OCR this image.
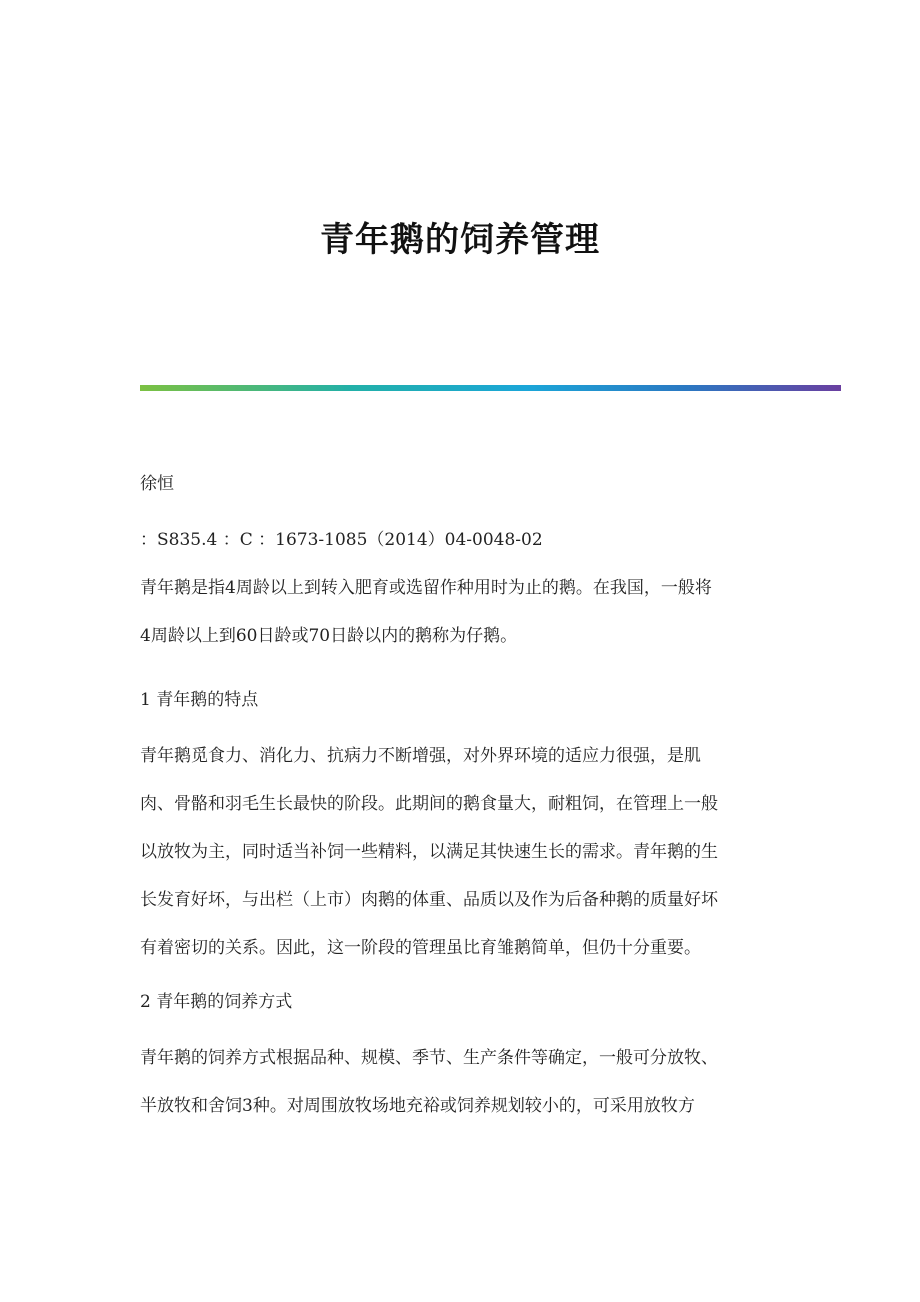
青年鹅的饲养管理

徐恒

：S835.4 ：C ：1673-1085（2014）04-0048-02

青年鹅是指4周龄以上到转入肥育或选留作种用时为止的鹅。在我国，一般将

4周龄以上到60日龄或70日龄以内的鹅称为仔鹅。

1 青年鹅的特点

青年鹅觅食力、消化力、抗病力不断增强，对外界环境的适应力很强，是肌

肉、骨骼和羽毛生长最快的阶段。此期间的鹅食量大，耐粗饲，在管理上一般

以放牧为主，同时适当补饲一些精料，以满足其快速生长的需求。青年鹅的生

长发育好坏，与出栏（上市）肉鹅的体重、品质以及作为后备种鹅的质量好坏

有着密切的关系。因此，这一阶段的管理虽比育雏鹅简单，但仍十分重要。

2 青年鹅的饲养方式

青年鹅的饲养方式根据品种、规模、季节、生产条件等确定，一般可分放牧、

半放牧和舍饲3种。对周围放牧场地充裕或饲养规划较小的，可采用放牧方
